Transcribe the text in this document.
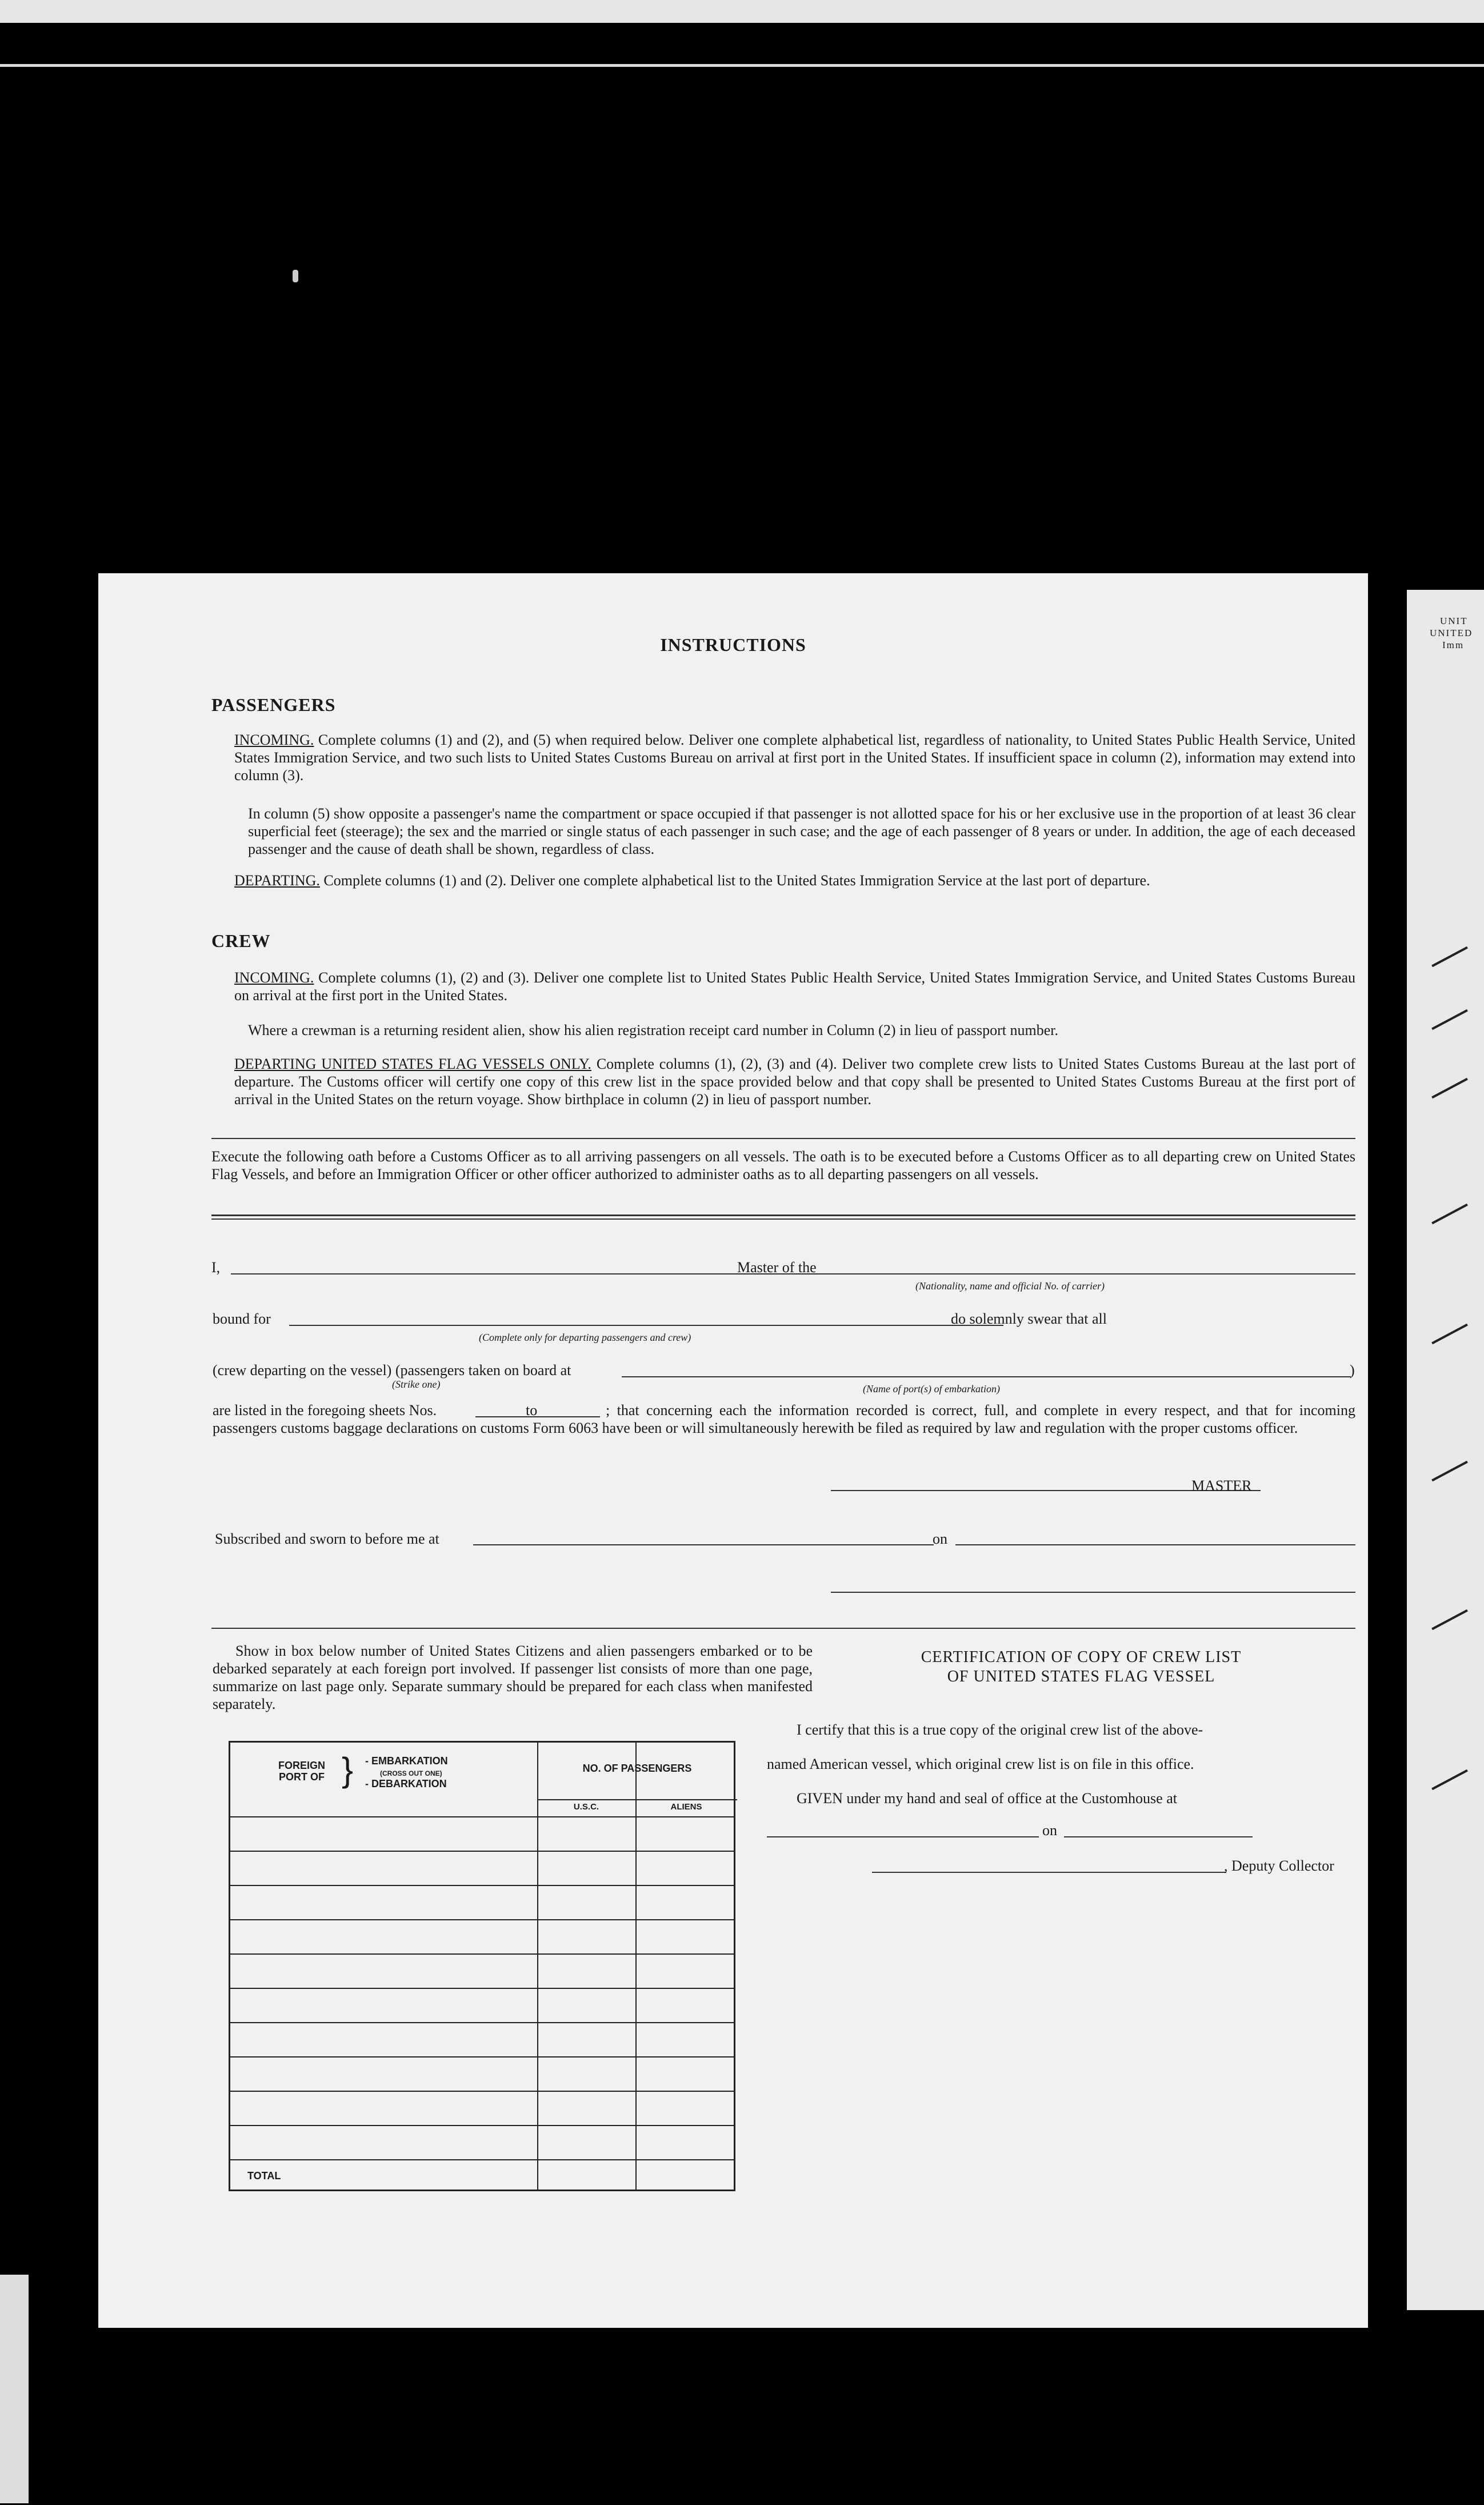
UNIT
UNITED
Imm
INSTRUCTIONS
PASSENGERS
INCOMING. Complete columns (1) and (2), and (5) when required below. Deliver one complete alphabetical list, regardless of nationality, to United States Public Health Service, United States Immigration Service, and two such lists to United States Customs Bureau on arrival at first port in the United States. If insufficient space in column (2), information may extend into column (3).
In column (5) show opposite a passenger's name the compartment or space occupied if that passenger is not allotted space for his or her exclusive use in the proportion of at least 36 clear superficial feet (steerage); the sex and the married or single status of each passenger in such case; and the age of each passenger of 8 years or under. In addition, the age of each deceased passenger and the cause of death shall be shown, regardless of class.
DEPARTING. Complete columns (1) and (2). Deliver one complete alphabetical list to the United States Immigration Service at the last port of departure.
CREW
INCOMING. Complete columns (1), (2) and (3). Deliver one complete list to United States Public Health Service, United States Immigration Service, and United States Customs Bureau on arrival at the first port in the United States.
Where a crewman is a returning resident alien, show his alien registration receipt card number in Column (2) in lieu of passport number.
DEPARTING UNITED STATES FLAG VESSELS ONLY. Complete columns (1), (2), (3) and (4). Deliver two complete crew lists to United States Customs Bureau at the last port of departure. The Customs officer will certify one copy of this crew list in the space provided below and that copy shall be presented to United States Customs Bureau at the first port of arrival in the United States on the return voyage. Show birthplace in column (2) in lieu of passport number.
Execute the following oath before a Customs Officer as to all arriving passengers on all vessels. The oath is to be executed before a Customs Officer as to all departing crew on United States Flag Vessels, and before an Immigration Officer or other officer authorized to administer oaths as to all departing passengers on all vessels.
I,	Master of the
(Nationality, name and official No. of carrier)
bound for	do solemnly swear that all
(Complete only for departing passengers and crew)
(crew departing on the vessel) (passengers taken on board at	)
(Strike one)	(Name of port(s) of embarkation)
are listed in the foregoing sheets Nos.	to	; that concerning each the information recorded is correct, full, and complete in every respect, and that for incoming passengers customs baggage declarations on customs Form 6063 have been or will simultaneously herewith be filed as required by law and regulation with the proper customs officer.
MASTER
Subscribed and sworn to before me at	on
Show in box below number of United States Citizens and alien passengers embarked or to be debarked separately at each foreign port involved. If passenger list consists of more than one page, summarize on last page only. Separate summary should be prepared for each class when manifested separately.
FOREIGN PORT OF } - EMBARKATION
(CROSS OUT ONE)
- DEBARKATION
NO. OF PASSENGERS
U.S.C.	ALIENS
TOTAL
CERTIFICATION OF COPY OF CREW LIST
OF UNITED STATES FLAG VESSEL
I certify that this is a true copy of the original crew list of the above-
named American vessel, which original crew list is on file in this office.
GIVEN under my hand and seal of office at the Customhouse at
on
, Deputy Collector
